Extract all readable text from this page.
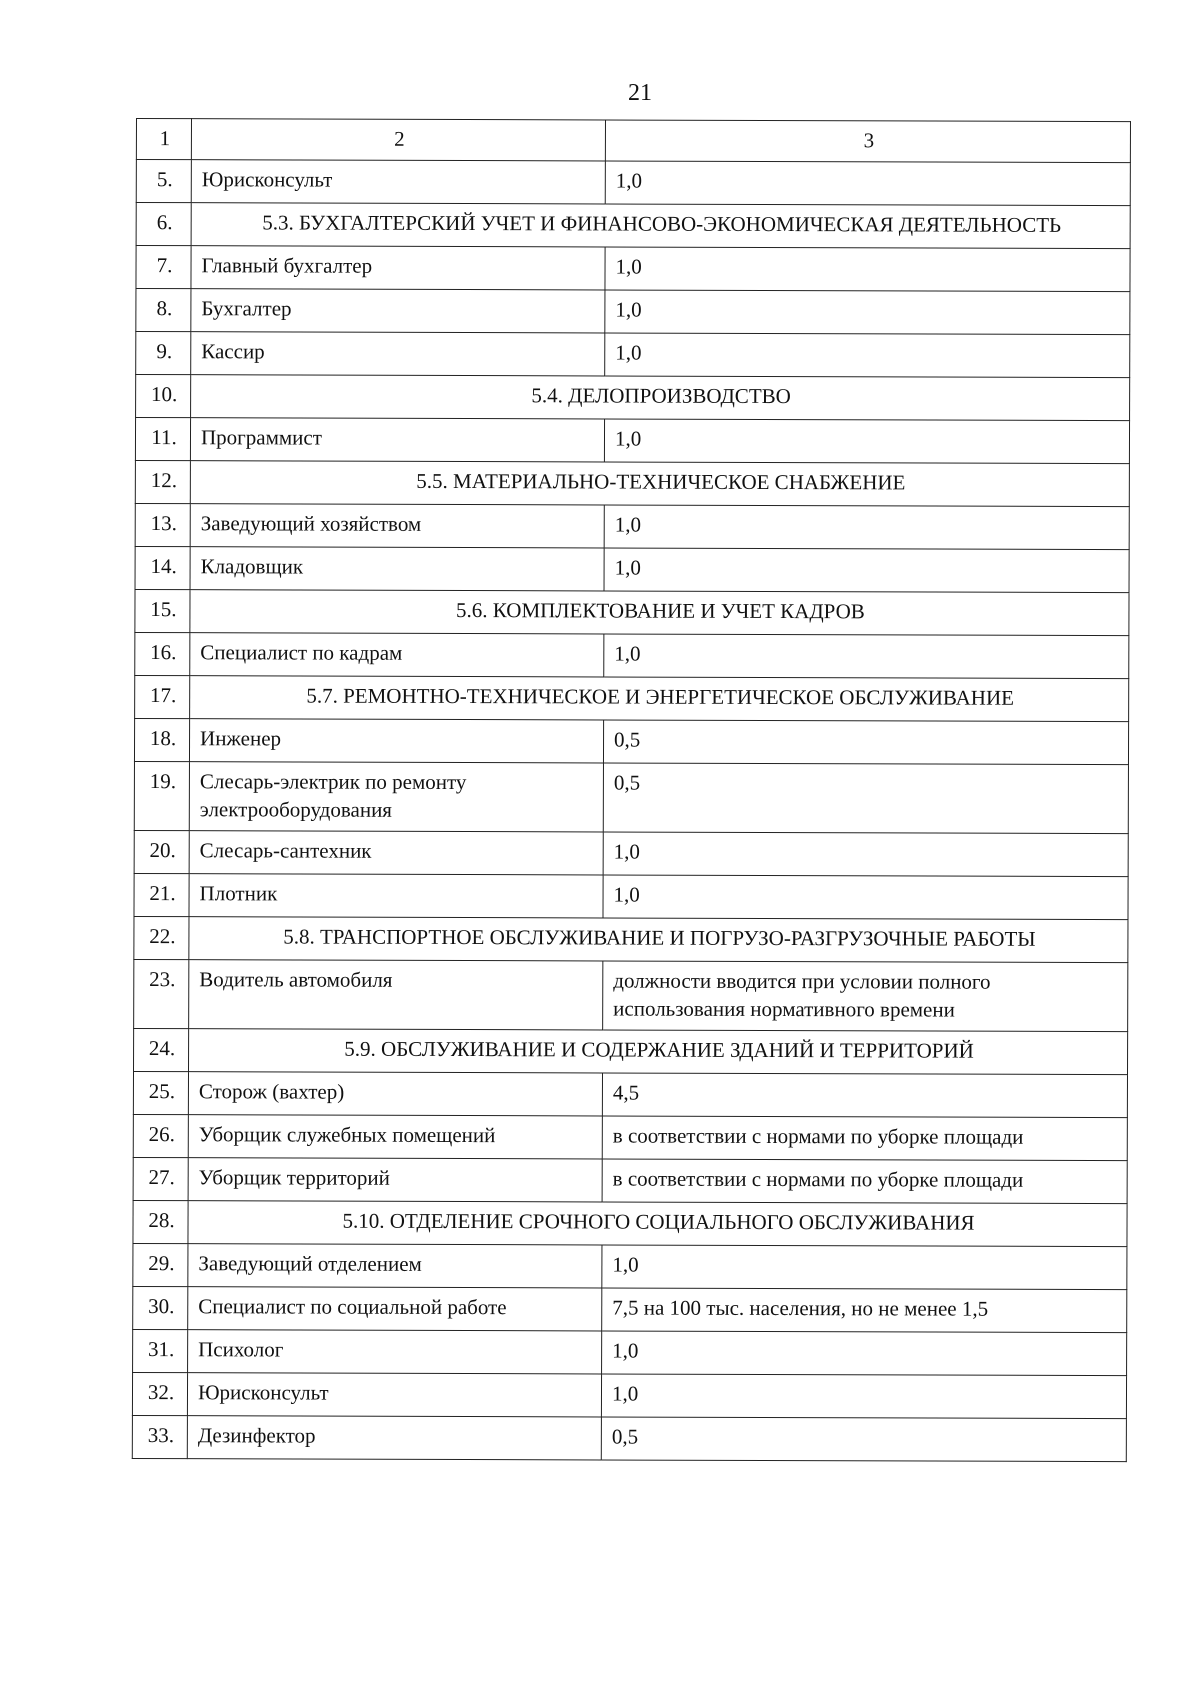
21
1	2	3
5.	Юрисконсульт	1,0
6.	5.3. БУХГАЛТЕРСКИЙ УЧЕТ И ФИНАНСОВО-ЭКОНОМИЧЕСКАЯ ДЕЯТЕЛЬНОСТЬ	
7.	Главный бухгалтер	1,0
8.	Бухгалтер	1,0
9.	Кассир	1,0
10.	5.4. ДЕЛОПРОИЗВОДСТВО	
11.	Программист	1,0
12.	5.5. МАТЕРИАЛЬНО-ТЕХНИЧЕСКОЕ СНАБЖЕНИЕ	
13.	Заведующий хозяйством	1,0
14.	Кладовщик	1,0
15.	5.6. КОМПЛЕКТОВАНИЕ И УЧЕТ КАДРОВ	
16.	Специалист по кадрам	1,0
17.	5.7. РЕМОНТНО-ТЕХНИЧЕСКОЕ И ЭНЕРГЕТИЧЕСКОЕ ОБСЛУЖИВАНИЕ	
18.	Инженер	0,5
19.	Слесарь-электрик по ремонту электрооборудования	0,5
20.	Слесарь-сантехник	1,0
21.	Плотник	1,0
22.	5.8. ТРАНСПОРТНОЕ ОБСЛУЖИВАНИЕ И ПОГРУЗО-РАЗГРУЗОЧНЫЕ РАБОТЫ	
23.	Водитель автомобиля	должности вводится при условии полного использования нормативного времени
24.	5.9. ОБСЛУЖИВАНИЕ И СОДЕРЖАНИЕ ЗДАНИЙ И ТЕРРИТОРИЙ	
25.	Сторож (вахтер)	4,5
26.	Уборщик служебных помещений	в соответствии с нормами по уборке площади
27.	Уборщик территорий	в соответствии с нормами по уборке площади
28.	5.10. ОТДЕЛЕНИЕ СРОЧНОГО СОЦИАЛЬНОГО ОБСЛУЖИВАНИЯ	
29.	Заведующий отделением	1,0
30.	Специалист по социальной работе	7,5 на 100 тыс. населения, но не менее 1,5
31.	Психолог	1,0
32.	Юрисконсульт	1,0
33.	Дезинфектор	0,5
